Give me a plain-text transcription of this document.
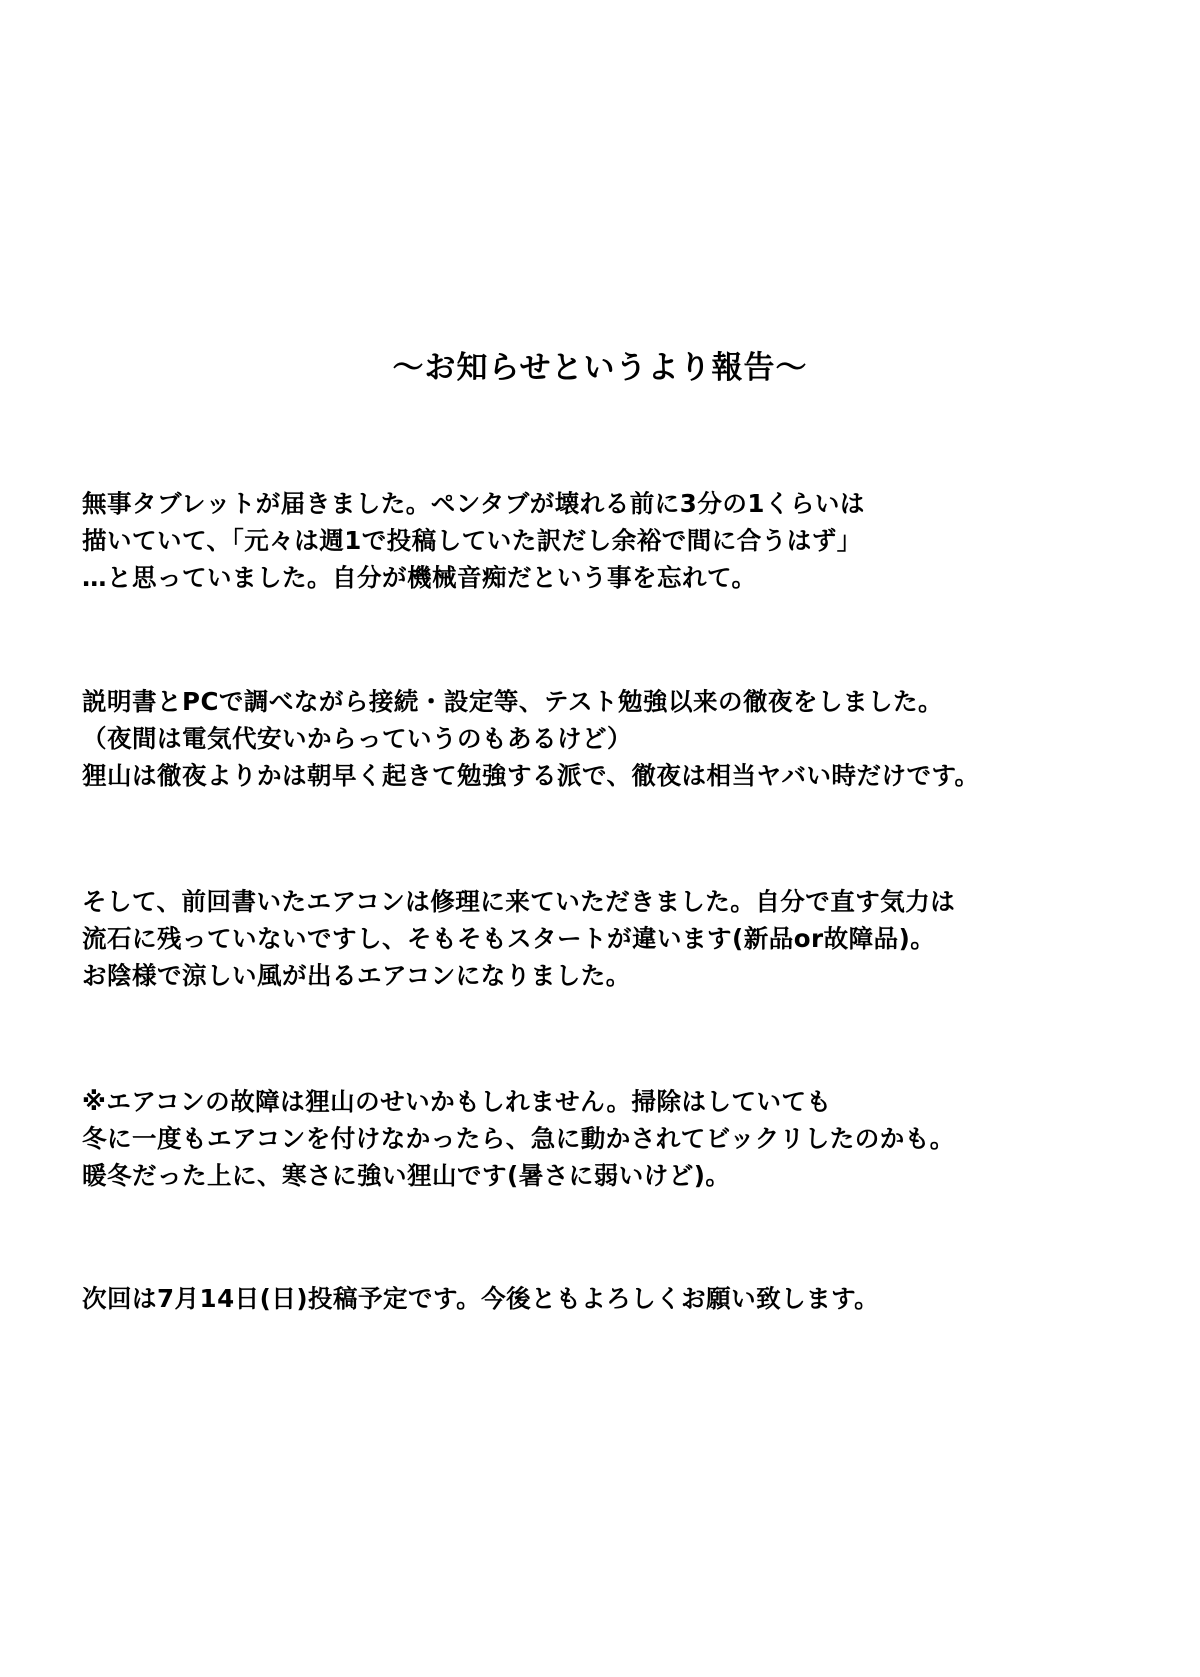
〜お知らせというより報告〜
無事タブレットが届きました。ペンタブが壊れる前に3分の1くらいは
描いていて、「元々は週1で投稿していた訳だし余裕で間に合うはず」
…と思っていました。自分が機械音痴だという事を忘れて。
説明書とPCで調べながら接続・設定等、テスト勉強以来の徹夜をしました。
（夜間は電気代安いからっていうのもあるけど）
狸山は徹夜よりかは朝早く起きて勉強する派で、徹夜は相当ヤバい時だけです。
そして、前回書いたエアコンは修理に来ていただきました。自分で直す気力は
流石に残っていないですし、そもそもスタートが違います(新品or故障品)。
お陰様で涼しい風が出るエアコンになりました。
※エアコンの故障は狸山のせいかもしれません。掃除はしていても
冬に一度もエアコンを付けなかったら、急に動かされてビックリしたのかも。
暖冬だった上に、寒さに強い狸山です(暑さに弱いけど)。
次回は7月14日(日)投稿予定です。今後ともよろしくお願い致します。
